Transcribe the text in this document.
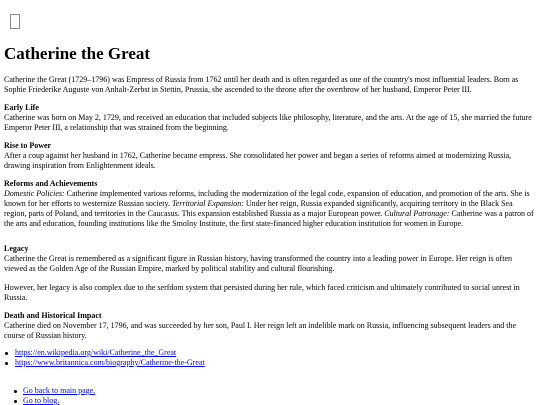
Catherine the Great

Catherine the Great (1729–1796) was Empress of Russia from 1762 until her death and is often regarded as one of the country's most influential leaders. Born as Sophie Friederike Auguste von Anhalt-Zerbst in Stettin, Prussia, she ascended to the throne after the overthrow of her husband, Emperor Peter III.

Early Life

Catherine was born on May 2, 1729, and received an education that included subjects like philosophy, literature, and the arts. At the age of 15, she married the future Emperor Peter III, a relationship that was strained from the beginning.

Rise to Power

After a coup against her husband in 1762, Catherine became empress. She consolidated her power and began a series of reforms aimed at modernizing Russia, drawing inspiration from Enlightenment ideals.

Reforms and Achievements

Domestic Policies: Catherine implemented various reforms, including the modernization of the legal code, expansion of education, and promotion of the arts. She is known for her efforts to westernize Russian society. Territorial Expansion: Under her reign, Russia expanded significantly, acquiring territory in the Black Sea region, parts of Poland, and territories in the Caucasus. This expansion established Russia as a major European power. Cultural Patronage: Catherine was a patron of the arts and education, founding institutions like the Smolny Institute, the first state-financed higher education institution for women in Europe.

Legacy

Catherine the Great is remembered as a significant figure in Russian history, having transformed the country into a leading power in Europe. Her reign is often viewed as the Golden Age of the Russian Empire, marked by political stability and cultural flourishing.

However, her legacy is also complex due to the serfdom system that persisted during her rule, which faced criticism and ultimately contributed to social unrest in Russia.

Death and Historical Impact

Catherine died on November 17, 1796, and was succeeded by her son, Paul I. Her reign left an indelible mark on Russia, influencing subsequent leaders and the course of Russian history.

https://en.wikipedia.org/wiki/Catherine_the_Great
https://www.britannica.com/biography/Catherine-the-Great
Go back to main page.
Go to blog.
